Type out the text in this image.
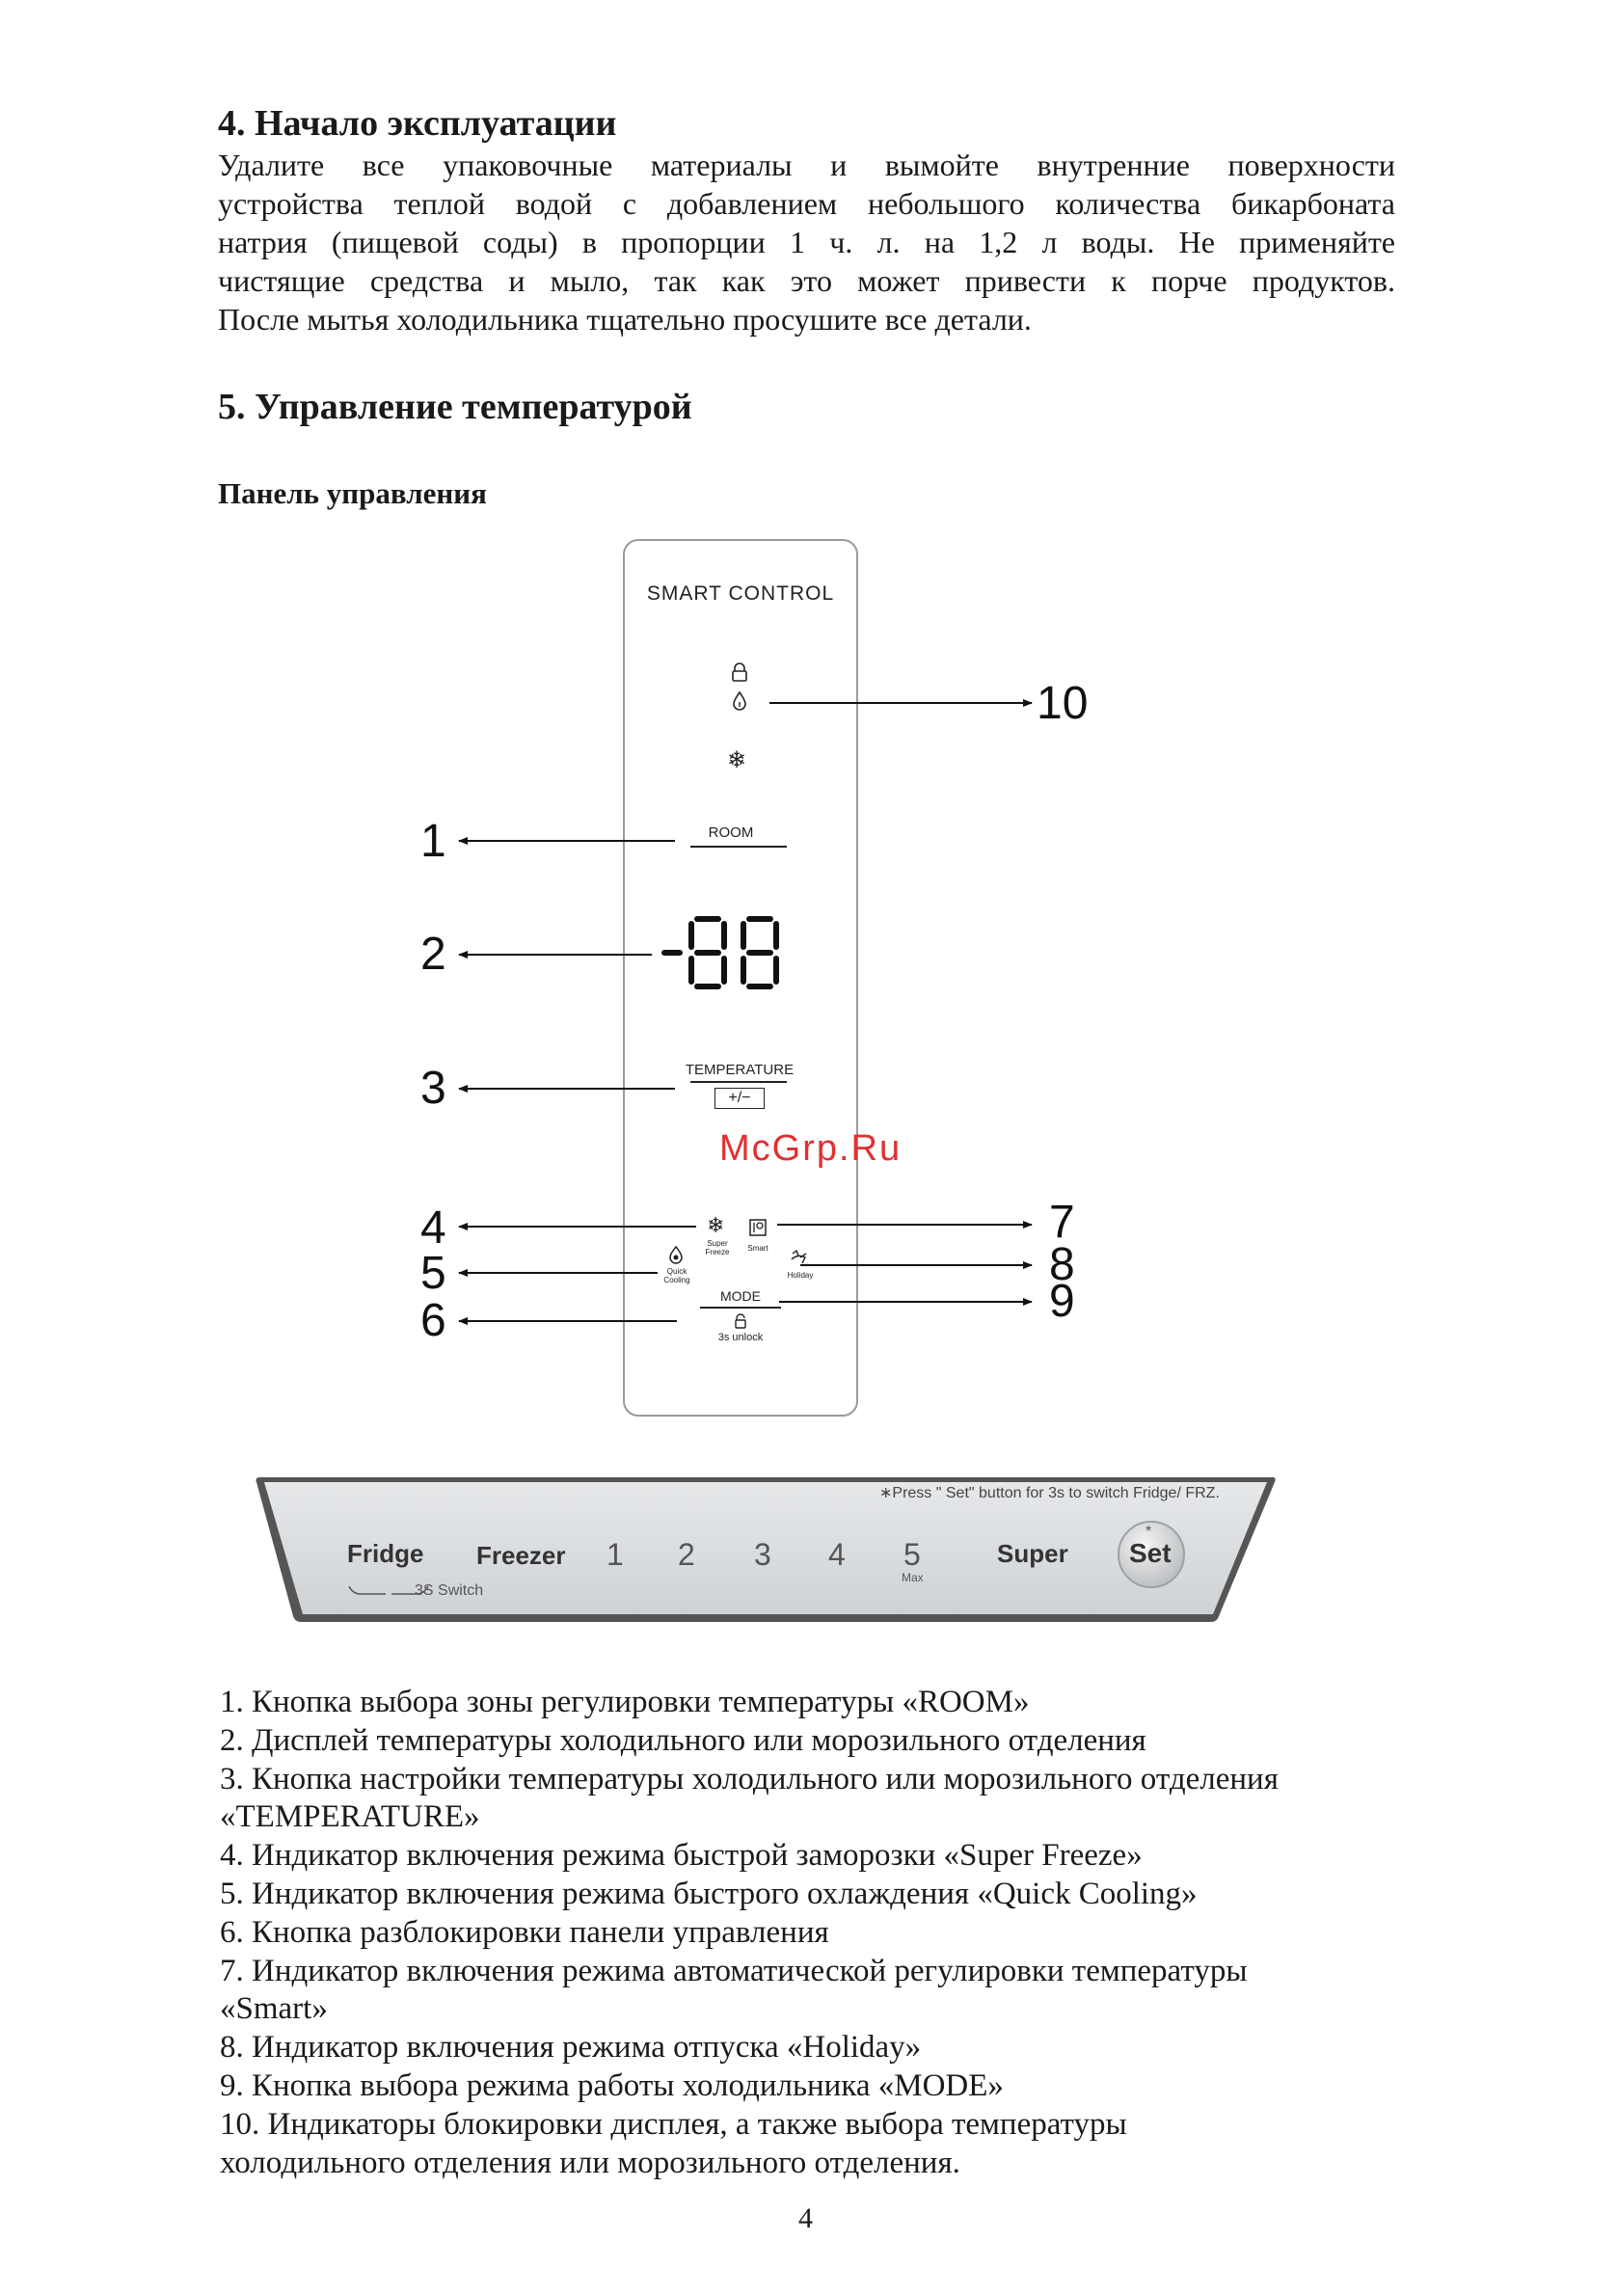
4. Начало эксплуатации
Удалите все упаковочные материалы и вымойте внутренние поверхности
устройства теплой водой с добавлением небольшого количества бикарбоната
натрия (пищевой соды) в пропорции 1 ч. л. на 1,2 л воды. Не применяйте
чистящие средства и мыло, так как это может привести к порче продуктов.
После мытья холодильника тщательно просушите все детали.
5. Управление температурой
Панель управления
SMART CONTROL
❄
ROOM
TEMPERATURE
+/−
McGrp.Ru
❄
Super
Freeze	Smart
Quick
Cooling
Holiday
MODE
3s unlock
10
1
2
3
4
5
6
7
8
9
∗Press " Set" button for 3s to switch Fridge/ FRZ.
Fridge Freezer
3S Switch
1 2 3 4 5
Max
Super
*
Set
1. Кнопка выбора зоны регулировки температуры «ROOM»
2. Дисплей температуры холодильного или морозильного отделения
3. Кнопка настройки температуры холодильного или морозильного отделения
«TEMPERATURE»
4. Индикатор включения режима быстрой заморозки «Super Freeze»
5. Индикатор включения режима быстрого охлаждения «Quick Cooling»
6. Кнопка разблокировки панели управления
7. Индикатор включения режима автоматической регулировки температуры
«Smart»
8. Индикатор включения режима отпуска «Holiday»
9. Кнопка выбора режима работы холодильника «MODE»
10. Индикаторы блокировки дисплея, а также выбора температуры
холодильного отделения или морозильного отделения.
4
